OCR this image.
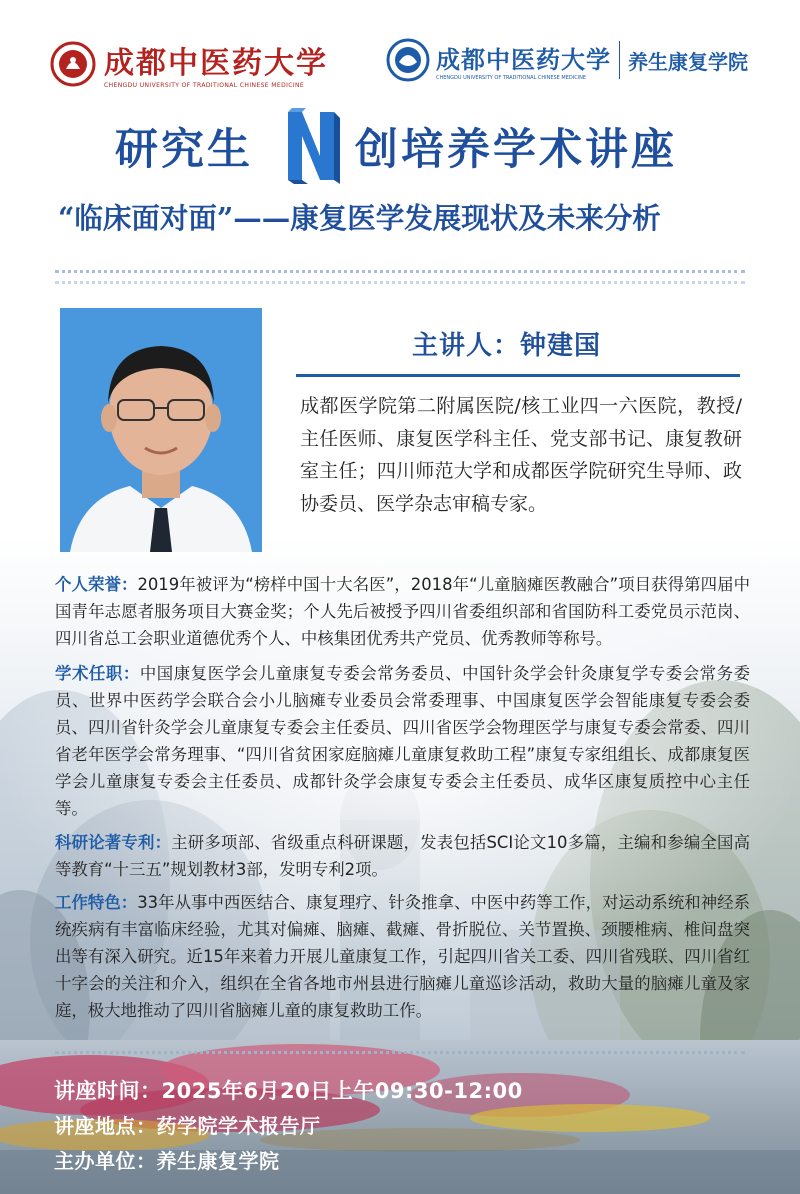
成都中医药大学
CHENGDU UNIVERSITY OF TRADITIONAL CHINESE MEDICINE
成都中医药大学
CHENGDU UNIVERSITY OF TRADITIONAL CHINESE MEDICINE
养生康复学院
研究生 创培养学术讲座
“临床面对面”——康复医学发展现状及未来分析
主讲人：钟建国
成都医学院第二附属医院/核工业四一六医院，教授/主任医师、康复医学科主任、党支部书记、康复教研室主任；四川师范大学和成都医学院研究生导师、政协委员、医学杂志审稿专家。
个人荣誉：2019年被评为“榜样中国十大名医”，2018年“儿童脑瘫医教融合”项目获得第四届中国青年志愿者服务项目大赛金奖；个人先后被授予四川省委组织部和省国防科工委党员示范岗、四川省总工会职业道德优秀个人、中核集团优秀共产党员、优秀教师等称号。
学术任职：中国康复医学会儿童康复专委会常务委员、中国针灸学会针灸康复学专委会常务委员、世界中医药学会联合会小儿脑瘫专业委员会常委理事、中国康复医学会智能康复专委会委员、四川省针灸学会儿童康复专委会主任委员、四川省医学会物理医学与康复专委会常委、四川省老年医学会常务理事、“四川省贫困家庭脑瘫儿童康复救助工程”康复专家组组长、成都康复医学会儿童康复专委会主任委员、成都针灸学会康复专委会主任委员、成华区康复质控中心主任等。
科研论著专利：主研多项部、省级重点科研课题，发表包括SCI论文10多篇，主编和参编全国高等教育“十三五”规划教材3部，发明专利2项。
工作特色：33年从事中西医结合、康复理疗、针灸推拿、中医中药等工作，对运动系统和神经系统疾病有丰富临床经验，尤其对偏瘫、脑瘫、截瘫、骨折脱位、关节置换、颈腰椎病、椎间盘突出等有深入研究。近15年来着力开展儿童康复工作，引起四川省关工委、四川省残联、四川省红十字会的关注和介入，组织在全省各地市州县进行脑瘫儿童巡诊活动，救助大量的脑瘫儿童及家庭，极大地推动了四川省脑瘫儿童的康复救助工作。
讲座时间：2025年6月20日上午09:30-12:00
讲座地点：药学院学术报告厅
主办单位：养生康复学院
